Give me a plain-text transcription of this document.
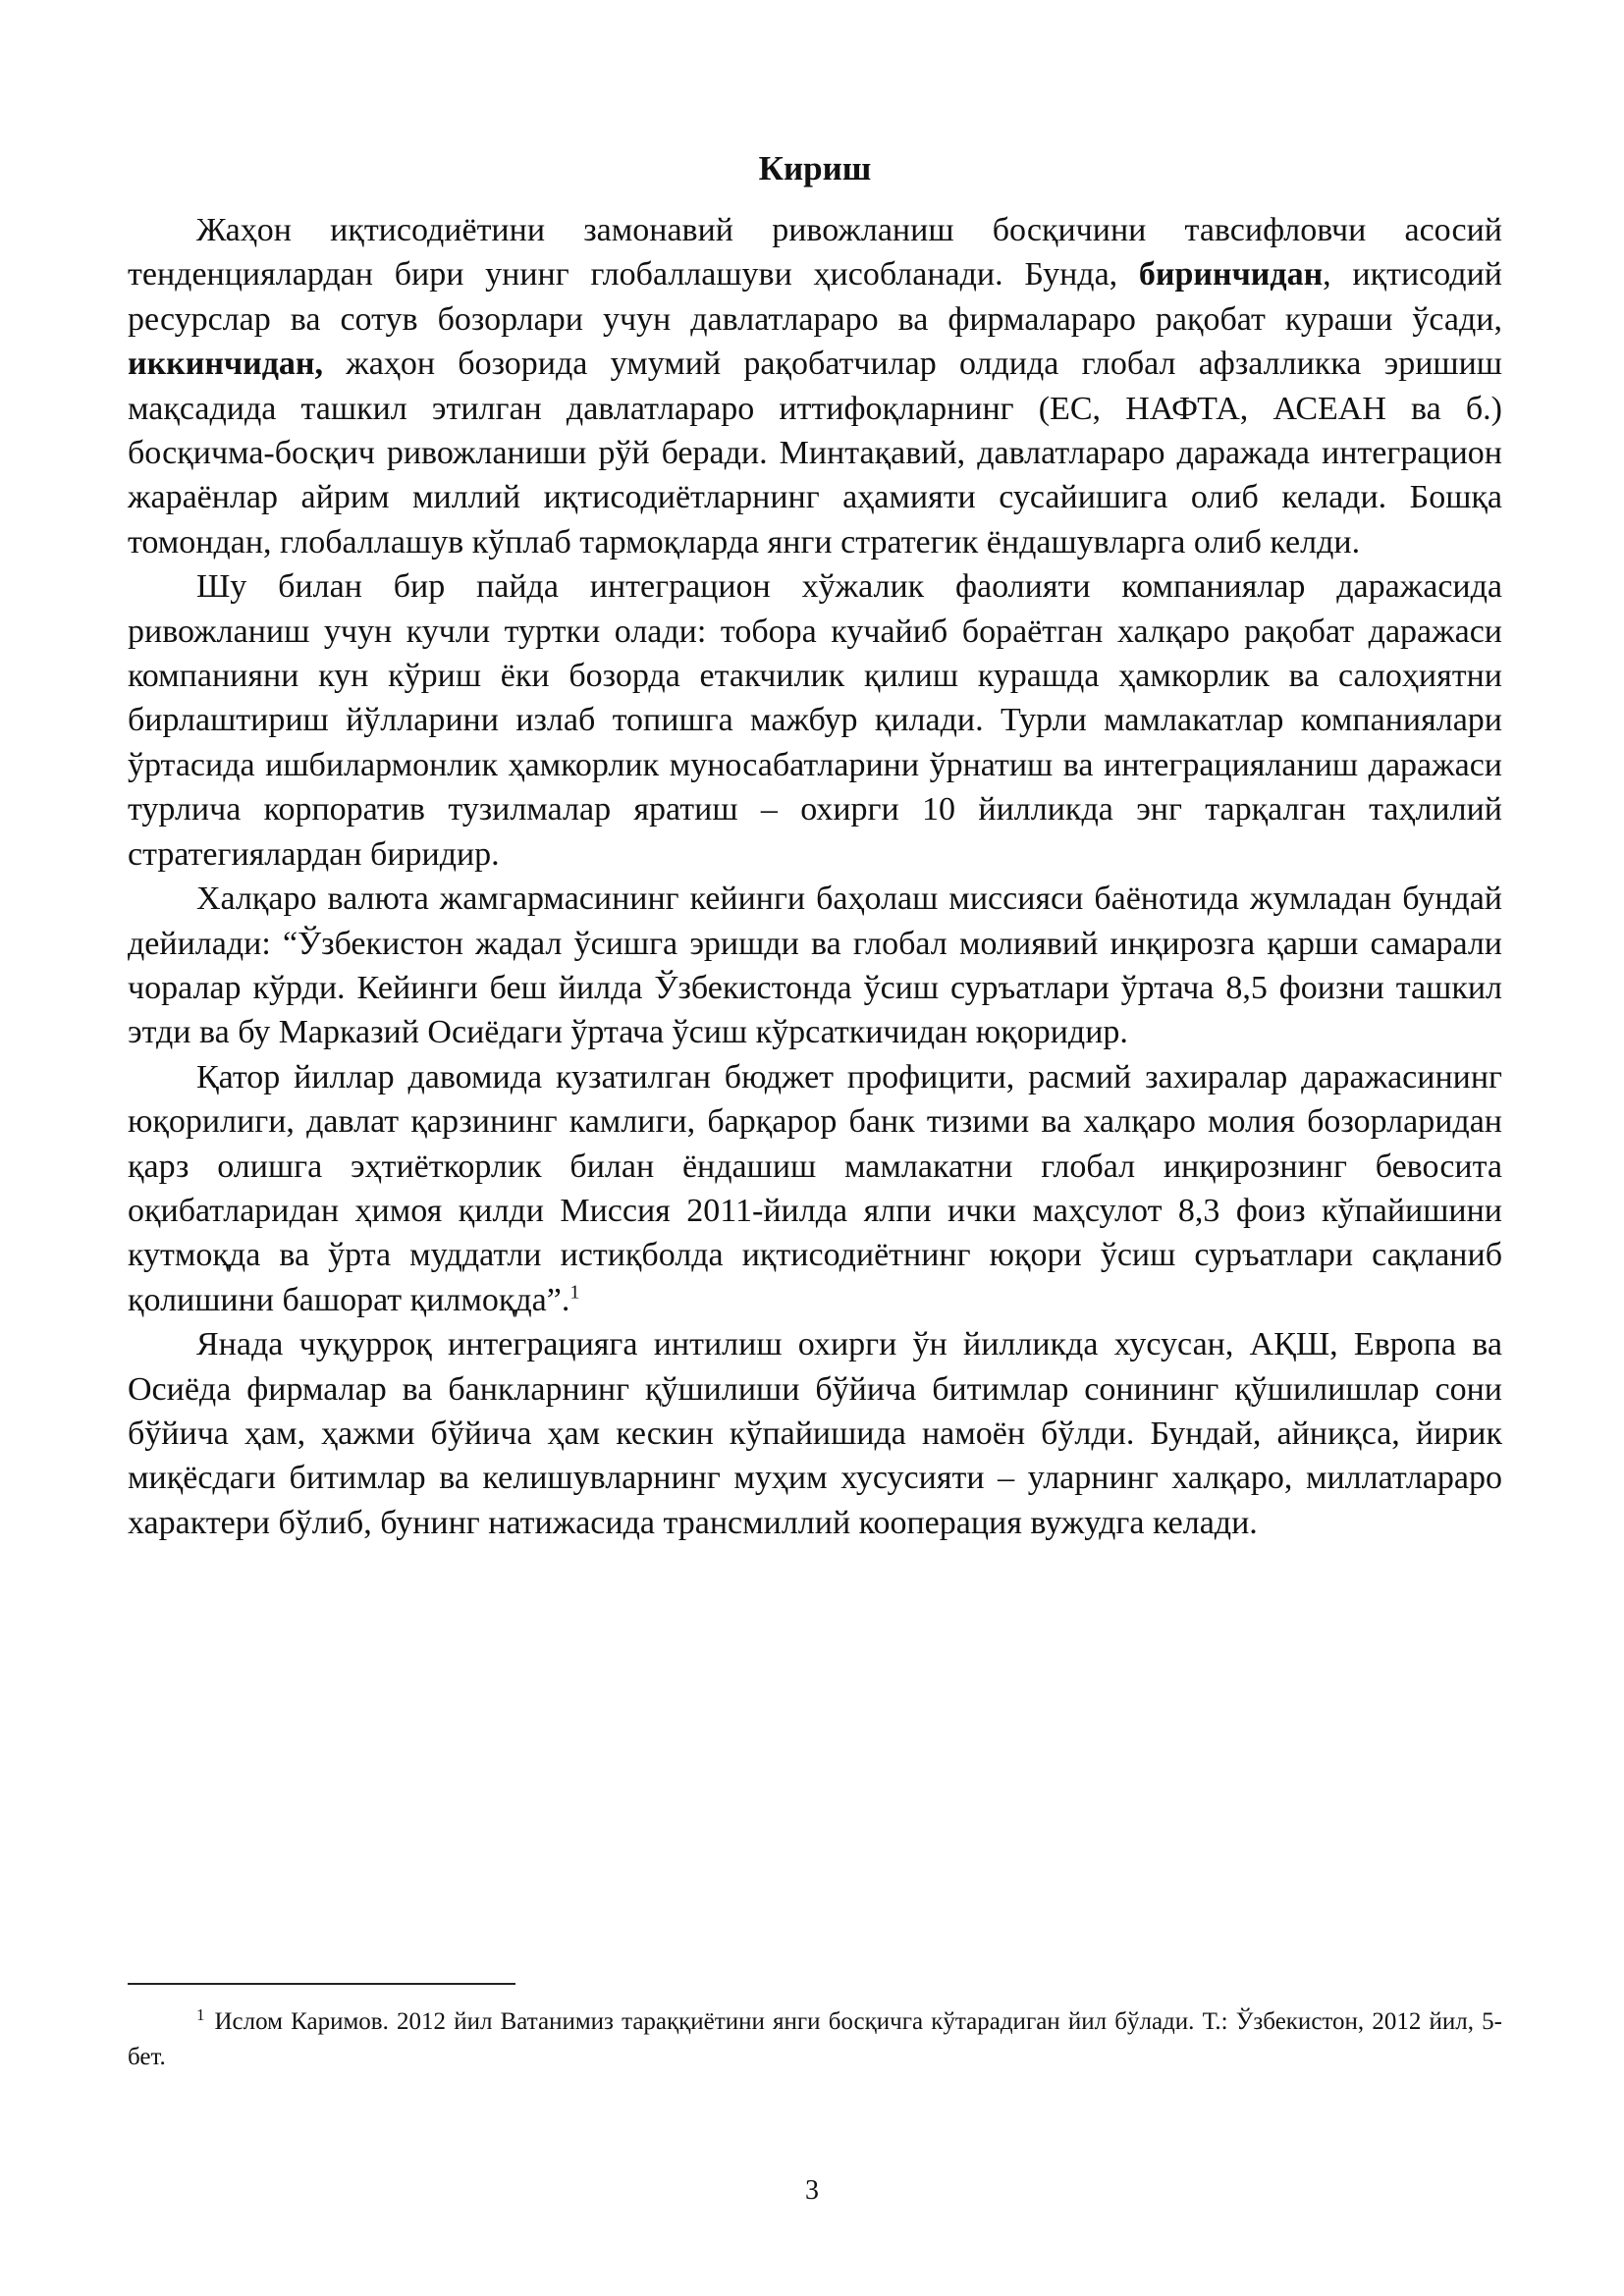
Кириш

Жаҳон иқтисодиётини замонавий ривожланиш босқичини тавсифловчи асосий тенденциялардан бири унинг глобаллашуви ҳисобланади. Бунда, биринчидан, иқтисодий ресурслар ва сотув бозорлари учун давлатлараро ва фирмалараро рақобат кураши ўсади, иккинчидан, жаҳон бозорида умумий рақобатчилар олдида глобал афзалликка эришиш мақсадида ташкил этилган давлатлараро иттифоқларнинг (ЕС, НАФТА, АСЕАН ва б.) босқичма-босқич ривожланиши рўй беради. Минтақавий, давлатлараро даражада интеграцион жараёнлар айрим миллий иқтисодиётларнинг аҳамияти сусайишига олиб келади. Бошқа томондан, глобаллашув кўплаб тармоқларда янги стратегик ёндашувларга олиб келди.

Шу билан бир пайда интеграцион хўжалик фаолияти компаниялар даражасида ривожланиш учун кучли туртки олади: тобора кучайиб бораётган халқаро рақобат даражаси компанияни кун кўриш ёки бозорда етакчилик қилиш курашда ҳамкорлик ва салоҳиятни бирлаштириш йўлларини излаб топишга мажбур қилади. Турли мамлакатлар компаниялари ўртасида ишбилармонлик ҳамкорлик муносабатларини ўрнатиш ва интеграцияланиш даражаси турлича корпоратив тузилмалар яратиш – охирги 10 йилликда энг тарқалган таҳлилий стратегиялардан биридир.

Халқаро валюта жамгармасининг кейинги баҳолаш миссияси баёнотида жумладан бундай дейилади: “Ўзбекистон жадал ўсишга эришди ва глобал молиявий инқирозга қарши самарали чоралар кўрди. Кейинги беш йилда Ўзбекистонда ўсиш суръатлари ўртача 8,5 фоизни ташкил этди ва бу Марказий Осиёдаги ўртача ўсиш кўрсаткичидан юқоридир.

Қатор йиллар давомида кузатилган бюджет профицити, расмий захиралар даражасининг юқорилиги, давлат қарзининг камлиги, барқарор банк тизими ва халқаро молия бозорларидан қарз олишга эҳтиёткорлик билан ёндашиш мамлакатни глобал инқирознинг бевосита оқибатларидан ҳимоя қилди Миссия 2011-йилда ялпи ички маҳсулот 8,3 фоиз кўпайишини кутмоқда ва ўрта муддатли истиқболда иқтисодиётнинг юқори ўсиш суръатлари сақланиб қолишини башорат қилмоқда”.$^1$

Янада чуқурроқ интеграцияга интилиш охирги ўн йилликда хусусан, АҚШ, Европа ва Осиёда фирмалар ва банкларнинг қўшилиши бўйича битимлар сонининг қўшилишлар сони бўйича ҳам, ҳажми бўйича ҳам кескин кўпайишида намоён бўлди. Бундай, айниқса, йирик миқёсдаги битимлар ва келишувларнинг муҳим хусусияти – уларнинг халқаро, миллатлараро характери бўлиб, бунинг натижасида трансмиллий кооперация вужудга келади.

$^1$ Ислом Каримов. 2012 йил Ватанимиз тараққиётини янги босқичга кўтарадиган йил бўлади. Т.: Ўзбекистон, 2012 йил, 5-бет.

3
